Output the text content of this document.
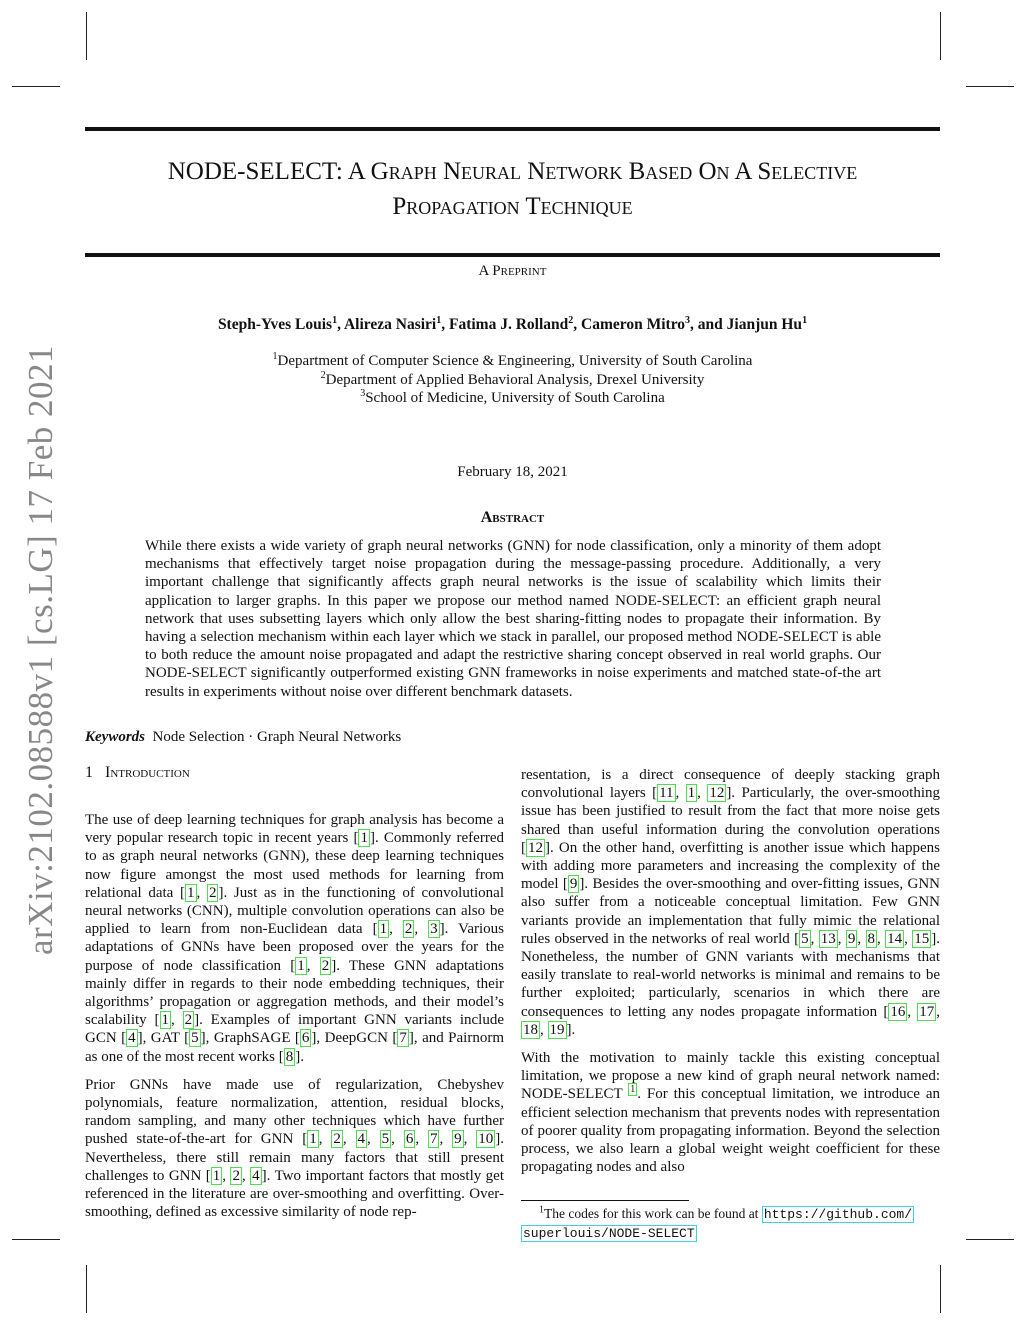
arXiv:2102.08588v1 [cs.LG] 17 Feb 2021
NODE-SELECT: A Graph Neural Network Based On A Selective
Propagation Technique
A Preprint
Steph-Yves Louis$^1$, Alireza Nasiri$^1$, Fatima J. Rolland$^2$, Cameron Mitro$^3$, and Jianjun Hu$^1$
$^1$Department of Computer Science & Engineering, University of South Carolina
$^2$Department of Applied Behavioral Analysis, Drexel University
$^3$School of Medicine, University of South Carolina
February 18, 2021
Abstract
While there exists a wide variety of graph neural networks (GNN) for node classification, only a minority of them adopt mechanisms that effectively target noise propagation during the message-passing procedure. Additionally, a very important challenge that significantly affects graph neural networks is the issue of scalability which limits their application to larger graphs. In this paper we propose our method named NODE-SELECT: an efficient graph neural network that uses subsetting layers which only allow the best sharing-fitting nodes to propagate their information. By having a selection mechanism within each layer which we stack in parallel, our proposed method NODE-SELECT is able to both reduce the amount noise propagated and adapt the restrictive sharing concept observed in real world graphs. Our NODE-SELECT significantly outperformed existing GNN frameworks in noise experiments and matched state-of-the art results in experiments without noise over different benchmark datasets.
Keywords Node Selection · Graph Neural Networks
1 Introduction

The use of deep learning techniques for graph analysis has become a very popular research topic in recent years [ 1 ]. Commonly referred to as graph neural networks (GNN), these deep learning techniques now figure amongst the most used methods for learning from relational data [ 1 , 2 ]. Just as in the functioning of convolutional neural networks (CNN), multiple convolution operations can also be applied to learn from non-Euclidean data [ 1 , 2 , 3 ]. Various adaptations of GNNs have been proposed over the years for the purpose of node classification [ 1 , 2 ]. These GNN adaptations mainly differ in regards to their node embedding techniques, their algorithms’ propagation or aggregation methods, and their model’s scalability [ 1 , 2 ]. Examples of important GNN variants include GCN [ 4 ], GAT [ 5 ], GraphSAGE [ 6 ], DeepGCN [ 7 ], and Pairnorm as one of the most recent works [ 8 ].

Prior GNNs have made use of regularization, Chebyshev polynomials, feature normalization, attention, residual blocks, random sampling, and many other techniques which have further pushed state-of-the-art for GNN [ 1 , 2 , 4 , 5 , 6 , 7 , 9 , 10 ]. Nevertheless, there still remain many factors that still present challenges to GNN [ 1 , 2 , 4 ]. Two important factors that mostly get referenced in the literature are over-smoothing and overfitting. Over-smoothing, defined as excessive similarity of node rep-

resentation, is a direct consequence of deeply stacking graph convolutional layers [ 11 , 1 , 12 ]. Particularly, the over-smoothing issue has been justified to result from the fact that more noise gets shared than useful information during the convolution operations [ 12 ]. On the other hand, overfitting is another issue which happens with adding more parameters and increasing the complexity of the model [ 9 ]. Besides the over-smoothing and over-fitting issues, GNN also suffer from a noticeable conceptual limitation. Few GNN variants provide an implementation that fully mimic the relational rules observed in the networks of real world [ 5 , 13 , 9 , 8 , 14 , 15 ]. Nonetheless, the number of GNN variants with mechanisms that easily translate to real-world networks is minimal and remains to be further exploited; particularly, scenarios in which there are consequences to letting any nodes propagate information [ 16 , 17 , 18 , 19 ].

With the motivation to mainly tackle this existing conceptual limitation, we propose a new kind of graph neural network named: NODE-SELECT $^1$ . For this conceptual limitation, we introduce an efficient selection mechanism that prevents nodes with representation of poorer quality from propagating information. Beyond the selection process, we also learn a global weight weight coefficient for these propagating nodes and also

$^1$The codes for this work can be found at https://github.com/
superlouis/NODE-SELECT
